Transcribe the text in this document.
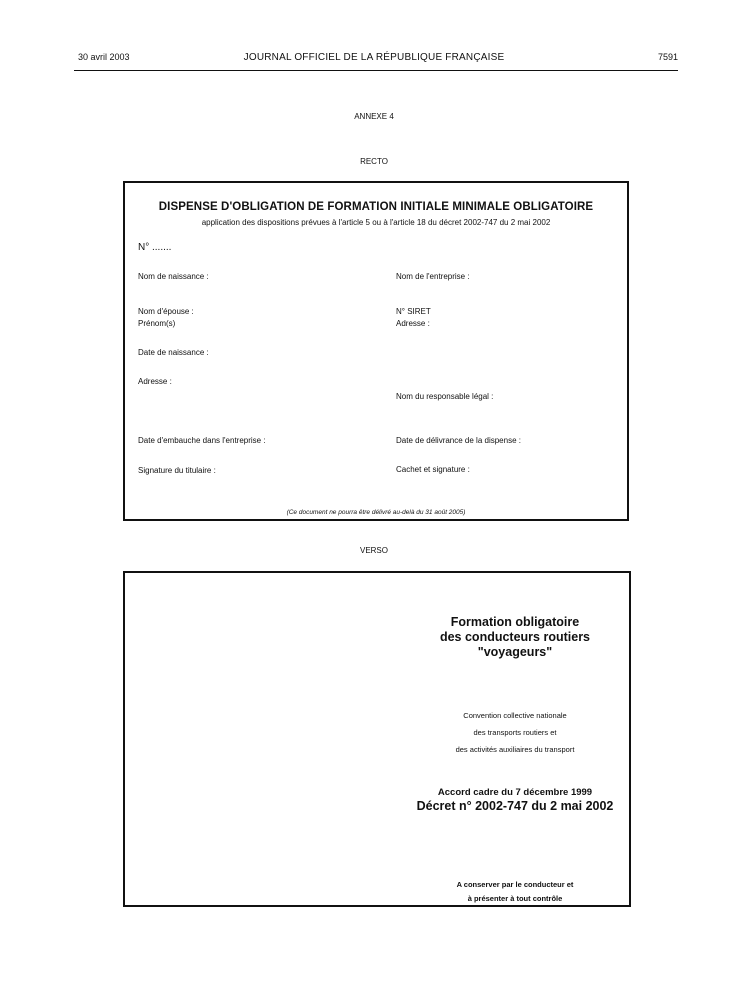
30 avril 2003	JOURNAL OFFICIEL DE LA RÉPUBLIQUE FRANÇAISE	7591
ANNEXE 4
RECTO
DISPENSE D'OBLIGATION DE FORMATION INITIALE MINIMALE OBLIGATOIRE
application des dispositions prévues à l'article 5 ou à l'article 18 du décret 2002-747 du 2 mai 2002
N° .......
Nom de naissance :
Nom d'épouse :
Prénom(s)
Date de naissance :
Adresse :
Date d'embauche dans l'entreprise :
Signature du titulaire :
Nom de l'entreprise :
N° SIRET
Adresse :
Nom du responsable légal :
Date de délivrance de la dispense :
Cachet et signature :
(Ce document ne pourra être délivré au-delà du 31 août 2005)
VERSO
Formation obligatoire
des conducteurs routiers
"voyageurs"
Convention collective nationale
des transports routiers et
des activités auxiliaires du transport
Accord cadre du 7 décembre 1999
Décret n° 2002-747 du 2 mai 2002
A conserver par le conducteur et
à présenter à tout contrôle
